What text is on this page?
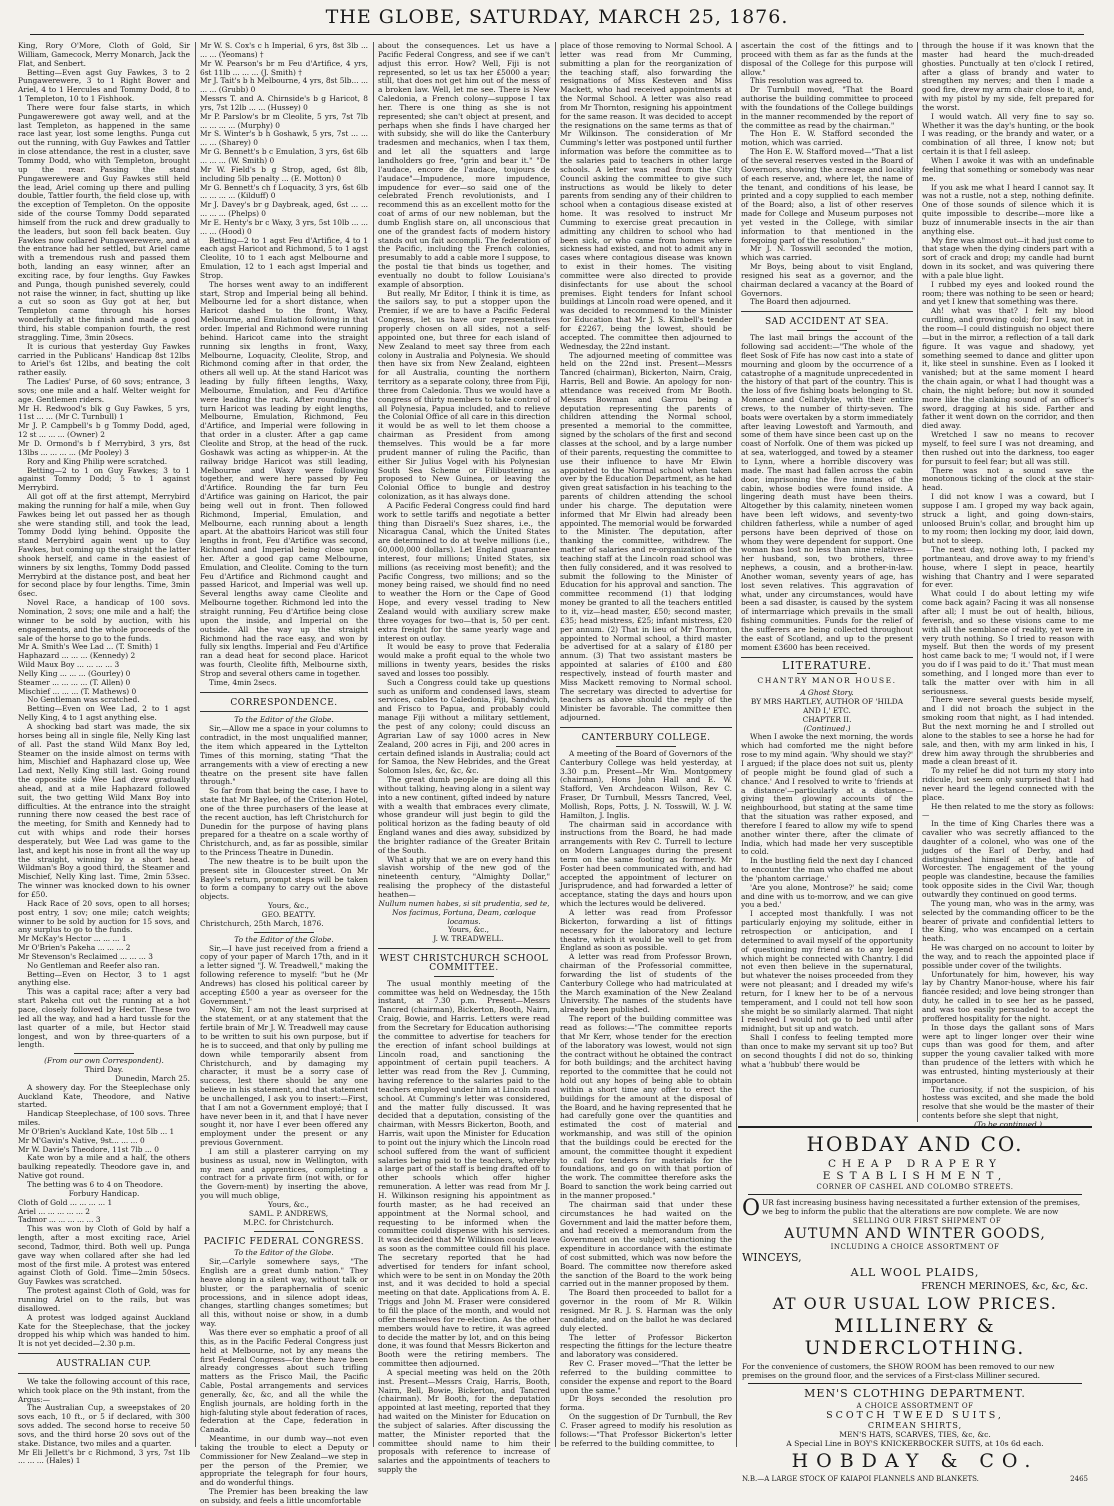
THE GLOBE, SATURDAY, MARCH 25, 1876.

King, Rory O'More, Cloth of Gold, Sir William, Gamecock, Merry Monarch, Jack the Flat, and Senbert.

Betting—Even agst Guy Fawkes, 3 to 2 Pungawerewere, 3 to 1 Right Bower and Ariel, 4 to 1 Hercules and Tommy Dodd, 8 to 1 Templeton, 10 to 1 Fishhook.

There were four false starts, in which Pungawerewere got away well, and at the last Templeton, as happened in the same race last year, lost some lengths. Punga cut out the running, with Guy Fawkes and Tattler in close attendance, the rest in a cluster, save Tommy Dodd, who with Templeton, brought up the rear. Passing the stand Pungawerewere and Guy Fawkes still held the lead, Ariel coming up there and pulling double, Tattler fourth, the field close up, with the exception of Templeton. On the opposite side of the course Tommy Dodd separated himself from the ruck and drew gradually to the leaders, but soon fell back beaten. Guy Fawkes now collared Pungawerewere, and at the entrance had her settled, but Ariel came with a tremendous rush and passed them both, landing an easy winner, after an exciting race, by four lengths. Guy Fawkes and Punga, though punished severely, could not raise the winner, in fact, shutting up like a cut so soon as Guy got at her, but Templeton came through his horses wonderfully at the finish and made a good third, his stable companion fourth, the rest straggling. Time, 3min 20secs.

It is curious that yesterday Guy Fawkes carried in the Publicans' Handicap 8st 12lbs to Ariel's 6st 12lbs, and beating the colt rather easily.

The Ladies' Purse, of 60 sovs; entrance, 3 sovs; one mile and a half. Welter weight for age. Gentlemen riders.

Mr H. Redwood's blk g Guy Fawkes, 5 yrs, 11st ... ... (Mr C. Turnbull) 1

Mr J. P. Campbell's b g Tommy Dodd, aged, 12 st ... ... ... (Owner) 2

Mr D. Ormond's b f Merrybird, 3 yrs, 8st 13lbs ... ... ... ... (Mr Pooley) 3

Rory and King Philip were scratched.

Betting—2 to 1 on Guy Fawkes; 3 to 1 against Tommy Dodd; 5 to 1 against Merrybird.

All got off at the first attempt, Merrybird making the running for half a mile, when Guy Fawkes being let out passed her as though she were standing still, and took the lead, Tommy Dodd lying behind. Opposite the stand Merrybird again went up to Guy Fawkes, but coming up the straight the latter shook herself, and came in the easiest of winners by six lengths, Tommy Dodd passed Merrybird at the distance post, and beat her for second place by four lengths. Time, 3min 6sec.

Novel Race, a handicap of 100 sovs. Nomination, 2 sovs; one mile and a half; the winner to be sold by auction, with his engagements, and the whole proceeds of the sale of the horse to go to the funds.

Mr A. Smith's Wee Lad ... (T. Smith) 1

Haphazard ... ... ... (Kennedy) 2

Wild Maux Boy ... ... ... ... 3

Nelly King ... ... ... (Gourley) 0

Steamer ... ... ... ... (T. Allen) 0

Mischief ... ... ... (T. Mathews) 0

No Gentleman was scratched.

Betting—Even on Wee Lad, 2 to 1 agst Nelly King, 4 to 1 agst anything else.

A shocking bad start was made, the six horses being all in single file, Nelly King last of all. Past the stand Wild Manx Boy led, Steamer on the inside almost on terms with him, Mischief and Haphazard close up, Wee Lad next, Nelly King still last. Going round the opposite side Wee Lad drew gradually ahead, and at a mile Haphazard followed suit, the two getting Wild Manx Boy into difficulties. At the entrance into the straight running there now ceased the best race of the meeting, for Smith and Kennedy had to cut with whips and rode their horses desperately, but Wee Lad was game to the last, and kept his nose in front all the way up the straight, winning by a short head. Wildman's Boy a good third, the Steamer and Mischief, Nelly King last. Time, 2min 53sec. The winner was knocked down to his owner for £50.

Hack Race of 20 sovs, open to all horses; post entry, 1 sov; one mile; catch weights; winner to be sold by auction for 15 sovs, and any surplus to go to the funds.

Mr McKay's Hector ... ... ... 1

Mr O'Brien's Pakeha ... ... ... 2

Mr Stevenson's Reclaimed ... ... ... 3

No Gentleman and Reefer also ran.

Betting—Even on Hector, 3 to 1 agst anything else.

This was a capital race; after a very bad start Pakeha cut out the running at a hot pace, closely followed by Hector. These two led all the way, and had a hard tussle for the last quarter of a mile, but Hector staid longest, and won by three-quarters of a length.

(From our own Correspondent).

Third Day.

Dunedin, March 25.

A showery day. For the Steeplechase only Auckland Kate, Theodore, and Native started.

Handicap Steeplechase, of 100 sovs. Three miles.

Mr O'Brien's Auckland Kate, 10st 5lb ... 1

Mr M'Gavin's Native, 9st... ... ... 0

Mr W. Davie's Theodore, 11st 7lb ... 0

Kate won by a mile and a half, the others baulking repeatedly. Theodore gave in, and Native got round.

The betting was 6 to 4 on Theodore.

Forbury Handicap.

Cloth of Gold ... ... ... ... 1

Ariel ... ... ... ... ... 2

Tadmor ... ... ... ... ... 3

This was won by Cloth of Gold by half a length, after a most exciting race, Ariel second, Tadmor, third. Both well up. Punga gave way when collared after she had led most of the first mile. A protest was entered against Cloth of Gold. Time—2min 50secs. Guy Fawkes was scratched.

The protest against Cloth of Gold, was for running Ariel on to the rails, but was disallowed.

A protest was lodged against Auckland Kate for the Steeplechase, that the jockey dropped his whip which was handed to him. It is not yet decided—2.30 p.m.

AUSTRALIAN CUP.

We take the following account of this race, which took place on the 9th instant, from the Argus:—

The Australian Cup, a sweepstakes of 20 sovs each, 10 ft., or 5 if declared, with 300 sovs added. The second horse to receive 50 sovs, and the third horse 20 sovs out of the stake. Distance, two miles and a quarter.

Mr Eli Jellett's br c Richmond, 3 yrs, 7st 1lb ... ... ... (Hales) 1

Mr W. S. Cox's c h Imperial, 6 yrs, 8st 3lb ... ... ... (Yeomans) †

Mr W. Pearson's br m Feu d'Artifice, 4 yrs, 6st 11lb ... ... ... (J. Smith) †

Mr J. Tait's b h Melbourne, 4 yrs, 8st 5lb... ... ... ... (Grubb) 0

Messrs T. and A. Chirnside's b g Haricot, 8 yrs, 7st 12lb ... ... (Hussey) 0

Mr P. Parslow's br m Cleolite, 5 yrs, 7st 7lb ... ... ... ... (Murphy) 0

Mr S. Winter's b h Goshawk, 5 yrs, 7st ... ... ... ... (Sharey) 0

Mr G. Bennett's b c Emulation, 3 yrs, 6st 6lb ... ... ... (W. Smith) 0

Mr W. Field's b g Strop, aged, 6st 8lb, including 5lb penalty ... (E. Motton) 0

Mr G. Bennett's ch f Loquacity, 3 yrs, 6st 6lb ... ... ... ... (Kilduff) 0

Mr J. Davey's br g Daybreak, aged, 6st ... ... ... ... ... (Phelps) 0

Mr E. Henty's br c Waxy, 3 yrs, 5st 10lb ... ... ... ... (Hood) 0

Betting—2 to 1 agst Feu d'Artifice, 4 to 1 each agst Haricot and Richmond, 5 to 1 agst Cleolite, 10 to 1 each agst Melbourne and Emulation, 12 to 1 each agst Imperial and Strop.

The horses went away to an indifferent start, Strop and Imperial being all behind. Melbourne led for a short distance, when Haricot dashed to the front, Waxy, Melbourne, and Emulation following in that order. Imperial and Richmond were running behind. Haricot came into the straight running six lengths in front, Waxy, Melbourne, Loquacity, Cleolite, Strop, and Richmond coming after in that order, the others all well up. At the stand Haricot was leading by fully fifteen lengths, Waxy, Melbourne, Emulation, and Feu d'Artifice were leading the ruck. After rounding the turn Haricot was leading by eight lengths, Melbourne, Emulation, Richmond, Feu d'Artifice, and Imperial were following in that order in a cluster. After a gap came Cleolite and Strop, at the head of the ruck. Goshawk was acting as whipper-in. At the railway bridge Haricot was still leading, Melbourne and Waxy were following together, and were here passed by Feu d'Artifice. Rounding the far turn Feu d'Artifice was gaining on Haricot, the pair being well out in front. Then followed Richmond, Imperial, Emulation, and Melbourne, each running about a length apart. At the abattoirs Haricot was still four lengths in front, Feu d'Artifice was second, Richmond and Imperial being close upon her. After a good gap came Melbourne, Emulation, and Cleolite. Coming to the turn Feu d'Artifice and Richmond caught and passed Haricot, and Imperial was well up. Several lengths away came Cleolite and Melbourne together. Richmond led into the straight running, Feu d'Artifice being close upon the inside, and Imperial on the outside. All the way up the straight Richmond had the race easy, and won by fully six lengths. Imperial and Feu d'Artifice ran a dead heat for second place. Haricot was fourth, Cleolite fifth, Melbourne sixth, Strop and several others came in together.

Time, 4min 2secs.

CORRESPONDENCE.

To the Editor of the Globe.

Sir,—Allow me a space in your columns to contradict, in the most unqualified manner, the item which appeared in the Lyttelton Times of this morning, stating "That the arrangements with a view of erecting a new theatre on the present site have fallen through."

So far from that being the case, I have to state that Mr Baylee, of the Criterion Hotel, one of the three purchasers of the lease at the recent auction, has left Christchurch for Dunedin for the purpose of having plans prepared for a theatre on a scale worthy of Christchurch, and, as far as possible, similar to the Princess Theatre in Dunedin.

The new theatre is to be built upon the present site in Gloucester street. On Mr Baylee's return, prompt steps will be taken to form a company to carry out the above objects.

Yours, &c.,

GEO. BEATTY.

Christchurch, 25th March, 1876.

To the Editor of the Globe.

Sir,—I have just received from a friend a copy of your paper of March 17th, and in it a letter signed "J. W. Treadwell," making the following reference to myself: "but he (Mr Andrews) has closed his political career by accepting £500 a year as overseer for the Government."

Now, Sir, I am not the least surprised at the statement, or at any statement that the fertile brain of Mr J. W. Treadwell may cause to be written to suit his own purpose, but if he is to succeed, and that only by pulling me down while temporarily absent from Christchurch, and by damaging my character, it must be a sorry case of success, lest there should be any one believe in his statement, and that statement be unchallenged, I ask you to insert:—First, that I am not a Government employé; that I have never been in it, and that I have never sought it, nor have I ever been offered any employment under the present or any previous Government.

I am still a plasterer carrying on my business as usual, now in Wellington, with my men and apprentices, completing a contract for a private firm (not with, or for the Govern-ment) by inserting the above, you will much oblige,

Yours, &c.,

SAML. P. ANDREWS,

M.P.C. for Christchurch.

PACIFIC FEDERAL CONGRESS.

To the Editor of the Globe.

Sir,—Carlyle somewhere says, "The English are a great dumb nation." They heave along in a silent way, without talk or bluster, or the paraphernalia of scenic processions, and in silence adopt ideas, changes, startling changes sometimes; but all this, without noise or show, in a dumb way.

Was there ever so emphatic a proof of all this, as in the Pacific Federal Congress just held at Melbourne, not by any means the first Federal Congress—for there have been already congresses about such trifling matters as the Frisco Mail, the Pacific Cable, Postal arrangements and services generally, &c, &c, and all the while the English journals, are holding forth in the high-faluting style about federation of races, federation at the Cape, federation in Canada.

Meantime, in our dumb way—not even taking the trouble to elect a Deputy or Commissioner for New Zealand—we step in per the person of the Premier, we appropriate the telegraph for four hours, and do wonderful things.

The Premier has been breaking the law on subsidy, and feels a little uncomfortable

about the consequences. Let us have a Pacific Federal Congress, and see if we can't adjust this error. How? Well, Fiji is not represented, so let us tax her £5000 a year; still, that does not get him out of the mess of a broken law. Well, let me see. There is New Caledonia, a French colony—suppose I tax her. There is one thing as she is not represented; she can't object at present, and perhaps when she finds I have charged her with subsidy, she will do like the Canterbury tradesmen and mechanics, when I tax them, and let all the squatters and large landholders go free, "grin and bear it." "De l'audace, encore de l'audace, toujours de l'audace"—Impudence, more impudence, impudence for ever—so said one of the celebrated French revolutionists, and I recommend this as an excellent motto for the coat of arms of our new nobleman, but the dumb English stare on, all unconscious that one of the grandest facts of modern history stands out un fait accompli. The federation of the Pacific, including the French colonies, presumably to add a cable more I suppose, to the postal tie that binds us together, and eventually no doubt to follow Louisiana's example of absorption.

But really, Mr Editor, I think it is time, as the sailors say, to put a stopper upon the Premier, if we are to have a Pacific Federal Congress, let us have our representatives properly chosen on all sides, not a self-appointed one, but three for each island of New Zealand to meet say three from each colony in Australia and Polynesia. We should then have six from New Zealand, eighteen for all Australia, counting the northern territory as a separate colony, three from Fiji, three from Caledonia. Thus we would have a congress of thirty members to take control of all Polynesia, Papua included, and to relieve the Colonial Office of all care in this direction it would be as well to let them choose a chairman as President from among themselves. This would be a far more prudent manner of ruling the Pacific, than either Sir Julius Vogel with his Polynesian South Sea Scheme or Filibustering as proposed to New Guinea, or leaving the Colonial Office to bungle and destroy colonization, as it has always done.

A Pacific Federal Congress could find hard work to settle tariffs and negotiate a better thing than Disraeli's Suez shares, i.e., the Nicaragua Canal, which the United States are determined to do at twelve millions (i.e., 60,000,000 dollars). Let England guarantee interest, four millions; United States, six millions (as receiving most benefit); and the Pacific Congress, two millions; and so the money being raised, we should find no need to weather the Horn or the Cape of Good Hope, and every vessel trading to New Zealand would with auxiliary screw make three voyages for two—that is, 50 per cent. extra freight for the same yearly wage and interest on outlay.

It would be easy to prove that Federalia would make a profit equal to the whole two millions in twenty years, besides the risks saved and losses too possibly.

Such a Congress could take up questions such as uniform and condensed laws, steam services, cables to Caledonia, Fiji, Sandwich, and Frisco to Papua, and probably could manage Fiji without a military settlement, the pest of any colony; could discuss an Agrarian Law of say 1000 acres in New Zealand, 200 acres in Fiji, and 200 acres in certain defined islands in Australia; could act for Samoa, the New Hebrides, and the Great Solomon Isles, &c, &c, &c.

The great dumb people are doing all this without talking, heaving along in a silent way into a new continent, gifted indeed by nature with a wealth that embraces every climate, whose grandeur will just begin to gild the political horizon as the fading beauty of old England wanes and dies away, subsidized by the brighter radiance of the Greater Britain of the South.

What a pity that we are on every hand this slavish worship of the new god of the nineteenth century, "Almighty Dollar," realising the prophecy of the distasteful heathen—

Nullum numen habes, si sit prudentia, sed te, Nos facimus, Fortuna, Deam, cœloque locamus.

Yours, &c.,

J. W. TREADWELL.

WEST CHRISTCHURCH SCHOOL COMMITTEE.

The usual monthly meeting of the committee was held on Wednesday, the 15th instant, at 7.30 p.m. Present—Messrs Tancred (chairman), Bickerton, Booth, Nairn, Craig, Bowie, and Harris. Letters were read from the Secretary for Education authorising the committee to advertise for teachers for the erection of infant school buildings at Lincoln road, and sanctioning the appointment of certain pupil teachers. A letter was read from the Rev J. Cumming, having reference to the salaries paid to the teachers employed under him at Lincoln road school. At Cumming's letter was considered, and the matter fully discussed. It was decided that a deputation, consisting of the chairman, with Messrs Bickerton, Booth, and Harris, wait upon the Minister for Education to point out the injury which the Lincoln road school suffered from the want of sufficient salaries being paid to the teachers, whereby a large part of the staff is being drafted off to other schools which offer higher remuneration. A letter was read from Mr J. H. Wilkinson resigning his appointment as fourth master, as he had received an appointment at the Normal school, and requesting to be informed when the committee could dispense with his services. It was decided that Mr Wilkinson could leave as soon as the committee could fill his place. The secretary reported that he had advertised for tenders for infant school, which were to be sent in on Monday the 20th inst, and it was decided to hold a special meeting on that date. Applications from A. E. Triggs and John M. Fraser were considered to fill the place of the month, and would not offer themselves for re-election. As the other members would have to retire, it was agreed to decide the matter by lot, and on this being done, it was found that Messrs Bickerton and Booth were the retiring members. The committee then adjourned.

A special meeting was held on the 20th inst. Present—Messrs Craig, Harris, Booth, Nairn, Bell, Bowie, Bickerton, and Tancred (chairman). Mr Booth, for the deputation appointed at last meeting, reported that they had waited on the Minister for Education on the subject of salaries. After discussing the matter, the Minister reported that the committee should name to him their proposals with reference to increase of salaries and the appointments of teachers to supply the

place of those removing to Normal School. A letter was read from Mr Cumming, submitting a plan for the reorganization of the teaching staff, also forwarding the resignations of Miss Kesteven and Miss Mackett, who had received appointments at the Normal School. A letter was also read from Mr Thornton, resigning his appointment for the same reason. It was decided to accept the resignations on the same terms as that of Mr Wilkinson. The consideration of Mr Cumming's letter was postponed until further information was before the committee as to the salaries paid to teachers in other large schools. A letter was read from the City Council asking the committee to give such instructions as would be likely to deter parents from sending any of their children to school when a contagious disease existed at home. It was resolved to instruct Mr Cumming to exercise great precaution in admitting any children to school who had been sick, or who came from homes where sickness had existed, and not to admit any in cases where contagious disease was known to exist in their homes. The visiting committee were also directed to provide disinfectants for use about the school premises. Eight tenders for Infant school buildings at Lincoln road were opened, and it was decided to recommend to the Minister for Education that Mr J. S. Kimbell's tender for £2267, being the lowest, should be accepted. The committee then adjourned to Wednesday, the 22nd instant.

The adjourned meeting of committee was held on the 22nd inst. Present—Messrs Tancred (chairman), Bickerton, Nairn, Craig, Harris, Bell and Bowie. An apology for non-attendance was received from Mr Booth. Messrs Bowman and Garrou being a deputation representing the parents of children attending the Normal school, presented a memorial to the committee, signed by the scholars of the first and second classes at the school, and by a large number of their parents, requesting the committee to use their influence to have Mr Elwin appointed to the Normal school when taken over by the Education Department, as he had given great satisfaction in his teaching to the parents of children attending the school under his charge. The deputation were informed that Mr Elwin had already been appointed. The memorial would be forwarded to the Minister. The deputation, after thanking the committee, withdrew. The matter of salaries and re-organization of the teaching staff at the Lincoln road school was then fully considered, and it was resolved to submit the following to the Minister of Education for his approval and sanction. The committee recommend (1) that lodging money be granted to all the teachers entitled to it, viz—head master, £50; second master, £35; head mistress, £25; infant mistress, £20 per annum. (2) That in lieu of Mr Thornton, appointed to Normal school, a third master be advertised for at a salary of £180 per annum. (3) That two assistant masters be appointed at salaries of £100 and £80 respectively, instead of fourth master and Miss Mackett removing to Normal school. The secretary was directed to advertise for teachers as above should the reply of the Minister be favorable. The committee then adjourned.

CANTERBURY COLLEGE.

A meeting of the Board of Governors of the Canterbury College was held yesterday, at 3.30 p.m. Present—Mr Wm. Montgomery (chairman), Hons John Hall and E. W. Stafford, Ven Archdeacon Wilson, Rev C. Fraser, Dr Turnbull, Messrs Tancred, Veel, Mollish, Rops, Potts, J. N. Tosswill, W. J. W. Hamilton, J. Inglis.

The chairman said in accordance with instructions from the Board, he had made arrangements with Rev C. Turrell to lecture on Modern Languages during the present term on the same footing as formerly. Mr Foster had been communicated with, and had accepted the appointment of lecturer on Jurisprudence, and had forwarded a letter of acceptance, stating the days and hours upon which the lectures would be delivered.

A letter was read from Professor Bickerton, forwarding a list of fittings necessary for the laboratory and lecture theatre, which it would be well to get from England as soon as possible.

A letter was read from Professor Brown, chairman of the Professorial committee, forwarding the list of students of the Canterbury College who had matriculated at the March examination of the New Zealand University. The names of the students have already been published.

The report of the building committee was read as follows:—"The committee reports that Mr Kerr, whose tender for the erection of the laboratory was lowest, would not sign the contract without he obtained the contract for both buildings; and the architect having reported to the committee that he could not hold out any hopes of being able to obtain within a short time any offer to erect the buildings for the amount at the disposal of the Board, and he having represented that he had carefully gone over the quantities and estimated the cost of material and workmanship, and was still of the opinion that the buildings could be erected for the amount, the committee thought it expedient to call for tenders for materials for the foundations, and go on with that portion of the work. The committee therefore asks the Board to sanction the work being carried out in the manner proposed."

The chairman said that under these circumstances he had waited on the Government and laid the matter before them, and had received a memorandum from the Government on the subject, sanctioning the expenditure in accordance with the estimate of cost submitted, which was now before the Board. The committee now therefore asked the sanction of the Board to the work being carried out in the manner proposed by them.

The Board then proceeded to ballot for a governor in the room of Mr R. Wilkin resigned. Mr R. J. S. Harman was the only candidate, and on the ballot he was declared duly elected.

The letter of Professor Bickerton respecting the fittings for the lecture theatre and laboratory was considered.

Rev C. Fraser moved—"That the letter be referred to the building committee to consider the expense and report to the Board upon the same."

Dr Boys seconded the resolution pro forma.

On the suggestion of Dr Turnbull, the Rev C. Fraser agreed to modify his resolution as follows:—"That Professor Bickerton's letter be referred to the building committee, to

ascertain the cost of the fittings and to proceed with them as far as the funds at the disposal of the College for this purpose will allow."

This resolution was agreed to.

Dr Turnbull moved, "That the Board authorise the building committee to proceed with the foundations of the College buildings in the manner recommended by the report of the committee as read by the chairman."

The Hon E. W. Stafford seconded the motion, which was carried.

The Hon E. W. Stafford moved—"That a list of the several reserves vested in the Board of Governors, showing the acreage and locality of each reserve, and, where let, the name of the tenant, and conditions of his lease, be printed and a copy supplied to each member of the Board; also, a list of other reserves made for College and Museum purposes not yet vested in the College, with similar information to that mentioned in the foregoing part of the resolution."

Mr J. N. Tosswill seconded the motion, which was carried.

Mr Boys, being about to visit England, resigned his seat as a governor, and the chairman declared a vacancy at the Board of Governors.

The Board then adjourned.

SAD ACCIDENT AT SEA.

The last mail brings the account of the following sad accident:—"The whole of the fleet Sosk of Fife has now cast into a state of mourning and gloom by the occurrence of a catastrophe of a magnitude unprecedented in the history of that part of the country. This is the loss of five fishing boats belonging to St. Monence and Cellardyke, with their entire crews, to the number of thirty-seven. The boats were overtaken by a storm immediately after leaving Lowestoft and Yarmouth, and some of them have since been cast up on the coast of Norfolk. One of them was picked up at sea, waterlogged, and towed by a steamer to Lynn, where a horrible discovery was made. The mast had fallen across the cabin door, imprisoning the five inmates of the cabin, whose bodies were found inside. A lingering death must have been theirs. Altogether by this calamity, nineteen women have been left widows, and seventy-two children fatherless, while a number of aged persons have been deprived of those on whom they were dependent for support. One woman has lost no less than nine relatives—her husband, son, two brothers, three nephews, a cousin, and a brother-in-law. Another woman, seventy years of age, has lost seven relatives. This aggravation of what, under any circumstances, would have been a sad disaster, is caused by the system of intermarriage which prevails in the small fishing communities. Funds for the relief of the sufferers are being collected throughout the east of Scotland, and up to the present moment £3600 has been received.

LITERATURE.
CHANTRY MANOR HOUSE.

A Ghost Story.

BY MRS HARTLEY, AUTHOR OF 'HILDA AND I,' ETC.

CHAPTER II.

(Continued.)

When I awoke the next morning, the words which had comforted me the night before rose to my mind again. 'Why should we stay?' I argued; if the place does not suit us, plenty of people might be found glad of such a chance.' And I resolved to write to 'friends at a distance'—particularly at a distance—giving them glowing accounts of the neighbourhood, but stating at the same time that the situation was rather exposed, and therefore I feared to allow my wife to spend another winter there, after the climate of India, which had made her very susceptible to cold.

In the bustling field the next day I chanced to encounter the man who chaffed me about the 'phantom carriage.'

'Are you alone, Montrose?' he said; come and dine with us to-morrow, and we can give you a bed.'

I accepted most thankfully. I was not particularly enjoying my solitude, either in retrospection or anticipation, and I determined to avail myself of the opportunity of questioning my friend as to any legend which might be connected with Chantry. I did not even then believe in the supernatural, but whatever the noises proceeded from they were not pleasant; and I dreaded my wife's return, for I knew her to be of a nervous temperament, and I could not tell how soon she might be so similarly alarmed. That night I resolved I would not go to bed until after midnight, but sit up and watch.

Shall I confess to feeling tempted more than once to make my servant sit up too? But on second thoughts I did not do so, thinking what a 'hubbub' there would be

through the house if it was known that the master had heard the much-dreaded ghosties. Punctually at ten o'clock I retired, after a glass of brandy and water to strengthen my nerves; and then I made a good fire, drew my arm chair close to it, and, with my pistol by my side, felt prepared for the worst.

I would watch. All very fine to say so. Whether it was the day's hunting, or the book I was reading, or the brandy and water, or a combination of all three, I know not; but certain it is that I fell asleep.

When I awoke it was with an undefinable feeling that something or somebody was near me.

If you ask me what I heard I cannot say. It was not a rustle, not a step, nothing definite. One of those sounds of silence which it is quite impossible to describe—more like a buzz of innumerable insects in the air than anything else.

My fire was almost out—it had just come to that stage when the dying cinders part with a sort of crack and drop; my candle had burnt down in its socket, and was quivering there with a pale blue light.

I rubbed my eyes and looked round the room; there was nothing to be seen or heard; and yet I knew that something was there.

Ah! what was that? I felt my blood curdling, and growing cold; for I saw, not in the room—I could distinguish no object there—but in the mirror, a reflection of a tall dark figure. It was vague and shadowy, yet something seemed to dance and glitter upon it, like steel in sunshine. Even as I looked it vanished; but at the same moment I heard the chain again, or what I had thought was a chain, the night before; but now it sounded more like the clanking sound of an officer's sword, dragging at his side. Farther and father it went down on the corridor, and then died away.

Wretched I saw no means to recover myself, to feel sure I was not dreaming, and then rushed out into the darkness, too eager for pursuit to feel fear; but all was still.

There was not a sound save the monotonous ticking of the clock at the stair-head.

I did not know I was a coward, but I suppose I am. I groped my way back again, struck a light, and going down-stairs, unloosed Bruin's collar, and brought him up to my room; then locking my door, laid down, but not to sleep.

The next day, nothing loth, I packed my portmanteau, and drove away to my friend's house, where I slept in peace, heartily wishing that Chantry and I were separated for ever.

What could I do about letting my wife come back again? Facing it was all nonsense after all; I must be out of health, bilious, feverish, and so these visions came to me with all the semblance of reality, yet were in very truth nothing. So I tried to reason with myself. But then the words of my present host came back to me; 'I would not, if I were you do if I was paid to do it.' That must mean something, and I longed more than ever to talk the matter over with him in all seriousness.

There were several guests beside myself, and I did not broach the subject in the smoking room that night, as I had intended. But the next morning he and I strolled out alone to the stables to see a horse he had for sale, and then, with my arm linked in his, I drew him away through the shrubberies and made a clean breast of it.

To my relief he did not turn my story into ridicule, but seem only surprised that I had never heard the legend connected with the place.

He then related to me the story as follows:—

In the time of King Charles there was a cavalier who was secretly affianced to the daughter of a colonel, who was one of the judges of the Earl of Derby, and had distinguished himself at the battle of Worcester. The engagement of the young people was clandestine, because the families took opposite sides in the Civil War, though outwardly they continued on good terms.

The young man, who was in the army, was selected by the commanding officer to be the bearer of private and confidential letters to the King, who was encamped on a certain heath.

He was charged on no account to loiter by the way, and to reach the appointed place if possible under cover of the twilights.

Unfortunately for him, however, his way lay by Chantry Manor-house, where his fair fiancée resided; and love being stronger than duty, he called in to see her as he passed, and was too easily persuaded to accept the proffered hospitality for the night.

In those days the gallant sons of Mars were apt to linger longer over their wine cups than was good for them, and after supper the young cavalier talked with more than prudence of the letters with which he was entrusted, hinting mysteriously at their importance.

The curiosity, if not the suspicion, of his hostess was excited, and she made the bold resolve that she would be the master of their contents before she slept that night,

(To be continued.)

HOBDAY AND CO.
CHEAP DRAPERY ESTABLISHMENT,
CORNER OF CASHEL AND COLOMBO STREETS.
OUR fast increasing business having necessitated a further extension of the premises, we beg to inform the public that the alterations are now complete. We are now
SELLING OUR FIRST SHIPMENT OF
AUTUMN AND WINTER GOODS,
INCLUDING A CHOICE ASSORTMENT OF
WINCEYS,
ALL WOOL PLAIDS,
FRENCH MERINOES, &c, &c, &c.
AT OUR USUAL LOW PRICES.
MILLINERY & UNDERCLOTHING.
For the convenience of customers, the SHOW ROOM has been removed to our new premises on the ground floor, and the services of a First-class Milliner secured.
MEN'S CLOTHING DEPARTMENT.
A CHOICE ASSORTMENT OF
SCOTCH TWEED SUITS,
CRIMEAN SHIRTS,
MEN'S HATS, SCARVES, TIES, &c, &c.
A Special Line in BOY'S KNICKERBOCKER SUITS, at 10s 6d each.
HOBDAY & CO.
N.B.—A LARGE STOCK OF KAIAPOI FLANNELS AND BLANKETS.	2465
